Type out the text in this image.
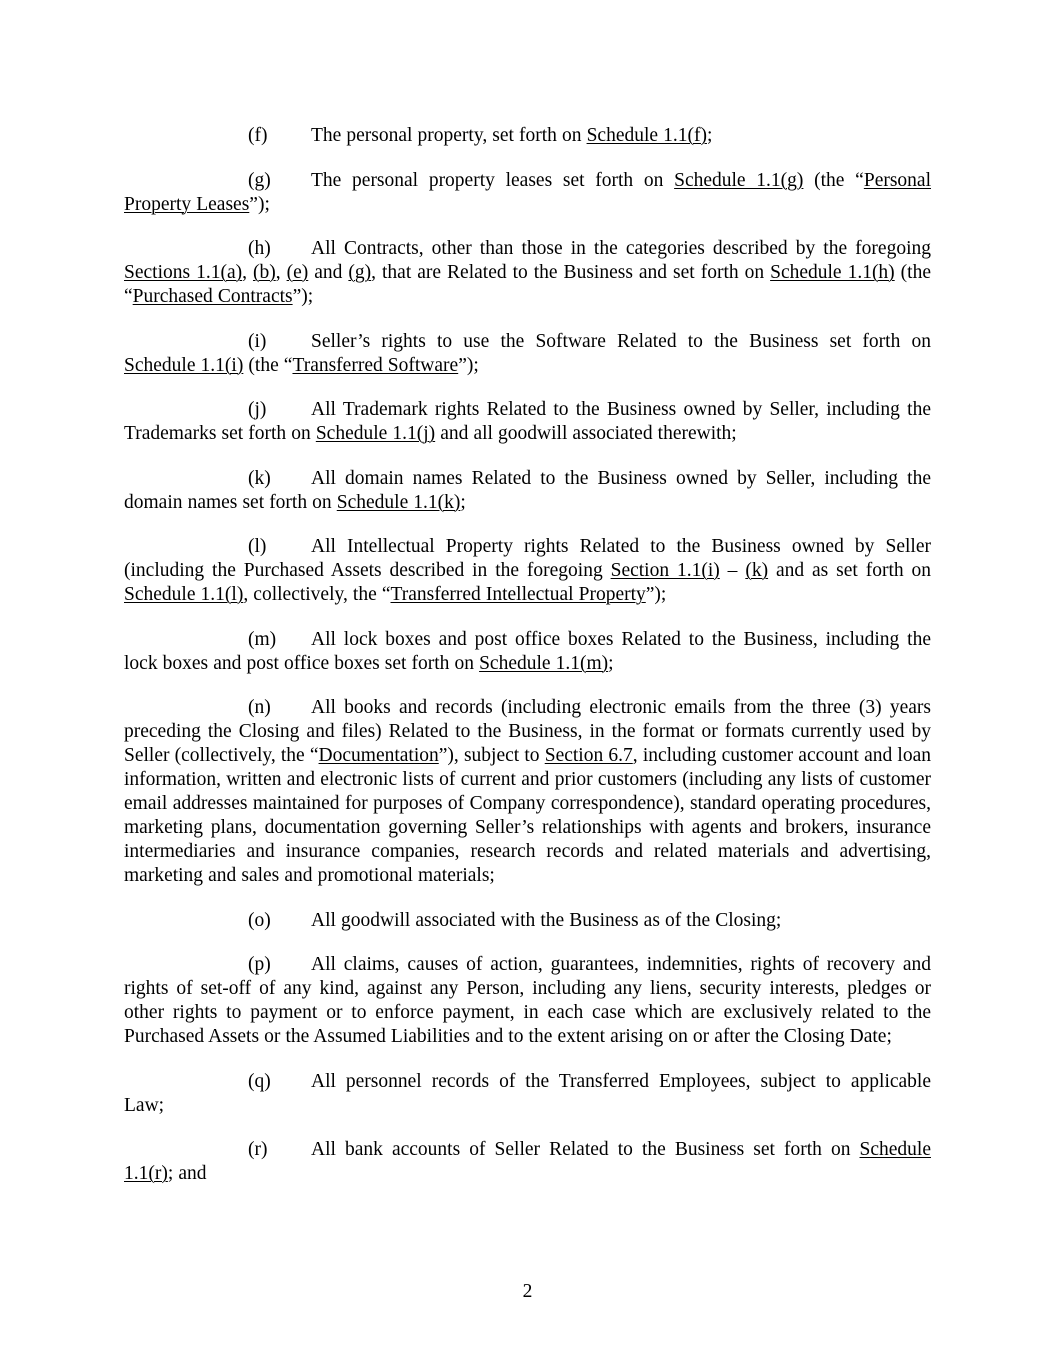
(f) The personal property, set forth on Schedule 1.1(f);

(g) The personal property leases set forth on Schedule 1.1(g) (the “Personal Property Leases”);

(h) All Contracts, other than those in the categories described by the foregoing Sections 1.1(a), (b), (e) and (g), that are Related to the Business and set forth on Schedule 1.1(h) (the “Purchased Contracts”);

(i) Seller’s rights to use the Software Related to the Business set forth on Schedule 1.1(i) (the “Transferred Software”);

(j) All Trademark rights Related to the Business owned by Seller, including the Trademarks set forth on Schedule 1.1(j) and all goodwill associated therewith;

(k) All domain names Related to the Business owned by Seller, including the domain names set forth on Schedule 1.1(k);

(l) All Intellectual Property rights Related to the Business owned by Seller (including the Purchased Assets described in the foregoing Section 1.1(i) – (k) and as set forth on Schedule 1.1(l), collectively, the “Transferred Intellectual Property”);

(m) All lock boxes and post office boxes Related to the Business, including the lock boxes and post office boxes set forth on Schedule 1.1(m);

(n) All books and records (including electronic emails from the three (3) years preceding the Closing and files) Related to the Business, in the format or formats currently used by Seller (collectively, the “Documentation”), subject to Section 6.7, including customer account and loan information, written and electronic lists of current and prior customers (including any lists of customer email addresses maintained for purposes of Company correspondence), standard operating procedures, marketing plans, documentation governing Seller’s relationships with agents and brokers, insurance intermediaries and insurance companies, research records and related materials and advertising, marketing and sales and promotional materials;

(o) All goodwill associated with the Business as of the Closing;

(p) All claims, causes of action, guarantees, indemnities, rights of recovery and rights of set-off of any kind, against any Person, including any liens, security interests, pledges or other rights to payment or to enforce payment, in each case which are exclusively related to the Purchased Assets or the Assumed Liabilities and to the extent arising on or after the Closing Date;

(q) All personnel records of the Transferred Employees, subject to applicable Law;

(r) All bank accounts of Seller Related to the Business set forth on Schedule 1.1(r); and

2
